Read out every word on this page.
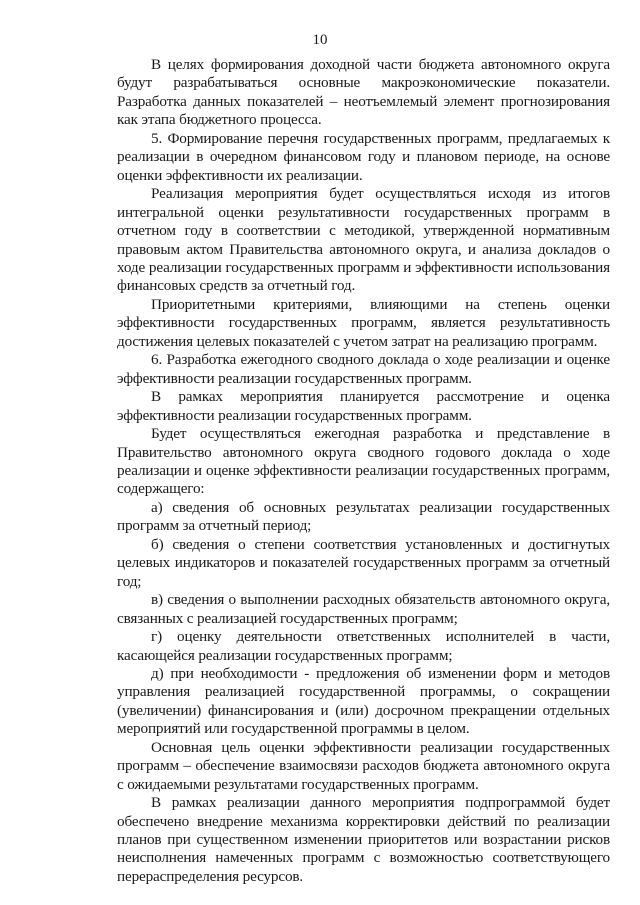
10

В целях формирования доходной части бюджета автономного округа будут разрабатываться основные макроэкономические показатели. Разработка данных показателей – неотъемлемый элемент прогнозирования как этапа бюджетного процесса.

5. Формирование перечня государственных программ, предлагаемых к реализации в очередном финансовом году и плановом периоде, на основе оценки эффективности их реализации.

Реализация мероприятия будет осуществляться исходя из итогов интегральной оценки результативности государственных программ в отчетном году в соответствии с методикой, утвержденной нормативным правовым актом Правительства автономного округа, и анализа докладов о ходе реализации государственных программ и эффективности использования финансовых средств за отчетный год.

Приоритетными критериями, влияющими на степень оценки эффективности государственных программ, является результативность достижения целевых показателей с учетом затрат на реализацию программ.

6. Разработка ежегодного сводного доклада о ходе реализации и оценке эффективности реализации государственных программ.

В рамках мероприятия планируется рассмотрение и оценка эффективности реализации государственных программ.

Будет осуществляться ежегодная разработка и представление в Правительство автономного округа сводного годового доклада о ходе реализации и оценке эффективности реализации государственных программ, содержащего:

а) сведения об основных результатах реализации государственных программ за отчетный период;

б) сведения о степени соответствия установленных и достигнутых целевых индикаторов и показателей государственных программ за отчетный год;

в) сведения о выполнении расходных обязательств автономного округа, связанных с реализацией государственных программ;

г) оценку деятельности ответственных исполнителей в части, касающейся реализации государственных программ;

д) при необходимости - предложения об изменении форм и методов управления реализацией государственной программы, о сокращении (увеличении) финансирования и (или) досрочном прекращении отдельных мероприятий или государственной программы в целом.

Основная цель оценки эффективности реализации государственных программ – обеспечение взаимосвязи расходов бюджета автономного округа с ожидаемыми результатами государственных программ.

В рамках реализации данного мероприятия подпрограммой будет обеспечено внедрение механизма корректировки действий по реализации планов при существенном изменении приоритетов или возрастании рисков неисполнения намеченных программ с возможностью соответствующего перераспределения ресурсов.
